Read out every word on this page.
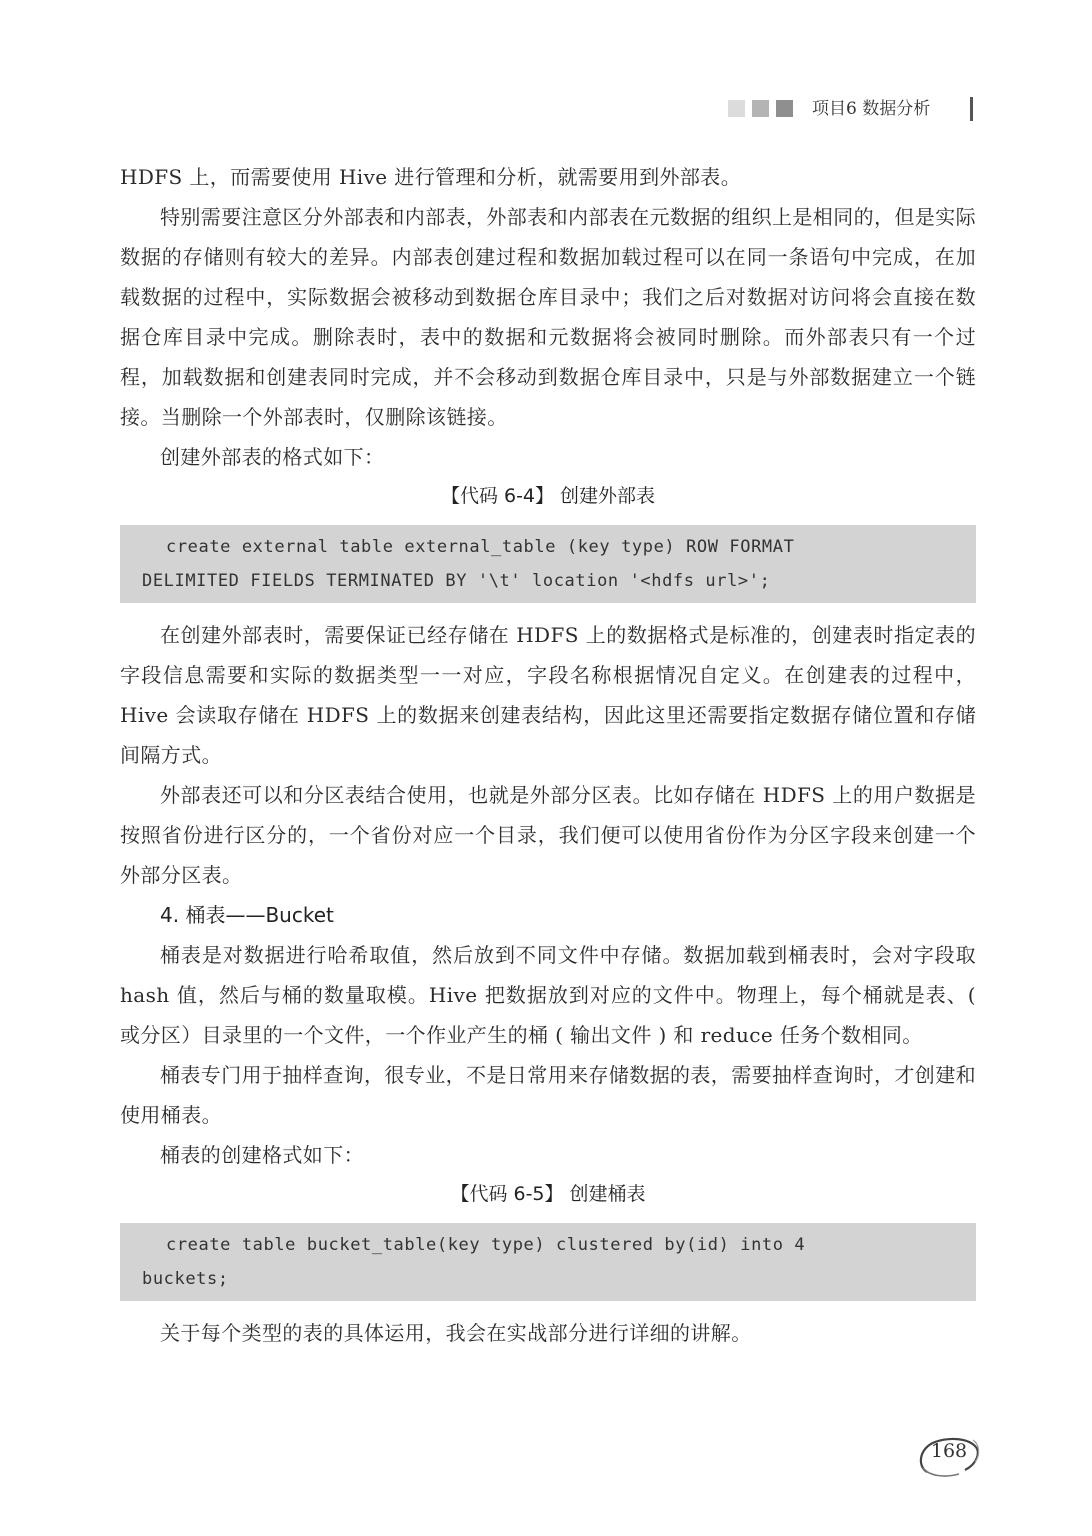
项目6 数据分析

HDFS 上，而需要使用 Hive 进行管理和分析，就需要用到外部表。

特别需要注意区分外部表和内部表，外部表和内部表在元数据的组织上是相同的，但是实际数据的存储则有较大的差异。内部表创建过程和数据加载过程可以在同一条语句中完成，在加载数据的过程中，实际数据会被移动到数据仓库目录中；我们之后对数据对访问将会直接在数据仓库目录中完成。删除表时，表中的数据和元数据将会被同时删除。而外部表只有一个过程，加载数据和创建表同时完成，并不会移动到数据仓库目录中，只是与外部数据建立一个链接。当删除一个外部表时，仅删除该链接。

创建外部表的格式如下：

【代码 6-4】 创建外部表

create external table external_table (key type) ROW FORMAT
DELIMITED FIELDS TERMINATED BY '\t' location '<hdfs url>';

在创建外部表时，需要保证已经存储在 HDFS 上的数据格式是标准的，创建表时指定表的字段信息需要和实际的数据类型一一对应，字段名称根据情况自定义。在创建表的过程中，Hive 会读取存储在 HDFS 上的数据来创建表结构，因此这里还需要指定数据存储位置和存储间隔方式。

外部表还可以和分区表结合使用，也就是外部分区表。比如存储在 HDFS 上的用户数据是按照省份进行区分的，一个省份对应一个目录，我们便可以使用省份作为分区字段来创建一个外部分区表。

4. 桶表——Bucket

桶表是对数据进行哈希取值，然后放到不同文件中存储。数据加载到桶表时，会对字段取 hash 值，然后与桶的数量取模。Hive 把数据放到对应的文件中。物理上，每个桶就是表、( 或分区）目录里的一个文件，一个作业产生的桶 ( 输出文件 ) 和 reduce 任务个数相同。

桶表专门用于抽样查询，很专业，不是日常用来存储数据的表，需要抽样查询时，才创建和使用桶表。

桶表的创建格式如下：

【代码 6-5】 创建桶表

create table bucket_table(key type) clustered by(id) into 4
buckets;

关于每个类型的表的具体运用，我会在实战部分进行详细的讲解。

168
